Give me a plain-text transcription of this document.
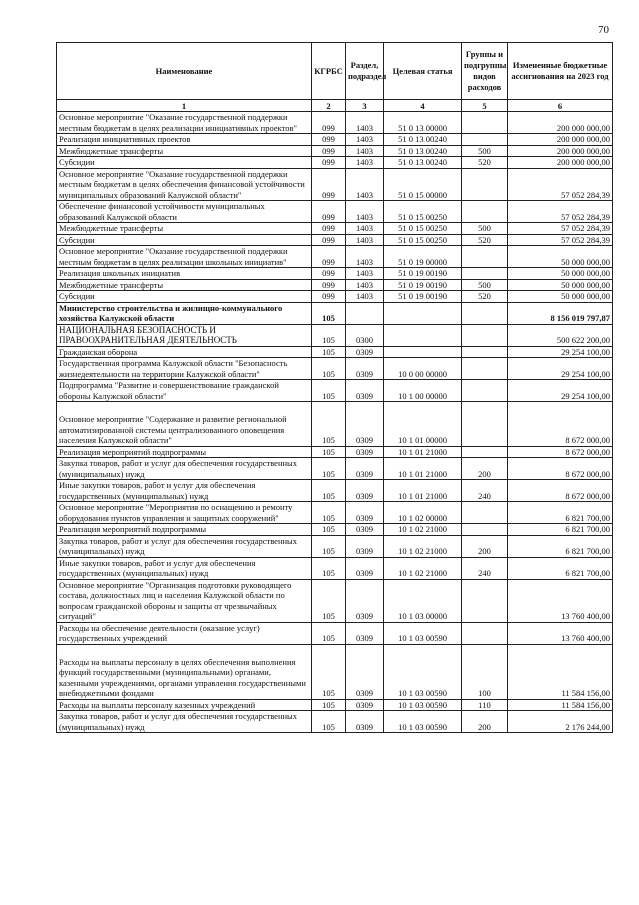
70
Наименование	КГРБС	Раздел, подраздел	Целевая статья	Группы и подгруппы видов расходов	Измененные бюджетные ассигнования на 2023 год
1	2	3	4	5	6
Основное мероприятие "Оказание государственной поддержки местным бюджетам в целях реализации инициативных проектов"	099	1403	51 0 13 00000		200 000 000,00
Реализация инициативных проектов	099	1403	51 0 13 00240		200 000 000,00
Межбюджетные трансферты	099	1403	51 0 13 00240	500	200 000 000,00
Субсидии	099	1403	51 0 13 00240	520	200 000 000,00
Основное мероприятие "Оказание государственной поддержки местным бюджетам в целях обеспечения финансовой устойчивости муниципальных образований Калужской области"	099	1403	51 0 15 00000		57 052 284,39
Обеспечение финансовой устойчивости муниципальных образований Калужской области	099	1403	51 0 15 00250		57 052 284,39
Межбюджетные трансферты	099	1403	51 0 15 00250	500	57 052 284,39
Субсидии	099	1403	51 0 15 00250	520	57 052 284,39
Основное мероприятие "Оказание государственной поддержки местным бюджетам в целях реализации школьных инициатив"	099	1403	51 0 19 00000		50 000 000,00
Реализация школьных инициатив	099	1403	51 0 19 00190		50 000 000,00
Межбюджетные трансферты	099	1403	51 0 19 00190	500	50 000 000,00
Субсидии	099	1403	51 0 19 00190	520	50 000 000,00
Министерство строительства и жилищно-коммунального хозяйства Калужской области	105				8 156 019 797,87
НАЦИОНАЛЬНАЯ БЕЗОПАСНОСТЬ И ПРАВООХРАНИТЕЛЬНАЯ ДЕЯТЕЛЬНОСТЬ	105	0300			500 622 200,00
Гражданская оборона	105	0309			29 254 100,00
Государственная программа Калужской области "Безопасность жизнедеятельности на территории Калужской области"	105	0309	10 0 00 00000		29 254 100,00
Подпрограмма "Развитие и совершенствование гражданской обороны Калужской области"	105	0309	10 1 00 00000		29 254 100,00
Основное мероприятие "Содержание и развитие региональной автоматизированной системы централизованного оповещения населения Калужской области"	105	0309	10 1 01 00000		8 672 000,00
Реализация мероприятий подпрограммы	105	0309	10 1 01 21000		8 672 000,00
Закупка товаров, работ и услуг для обеспечения государственных (муниципальных) нужд	105	0309	10 1 01 21000	200	8 672 000,00
Иные закупки товаров, работ и услуг для обеспечения государственных (муниципальных) нужд	105	0309	10 1 01 21000	240	8 672 000,00
Основное мероприятие "Мероприятия по оснащению и ремонту оборудования пунктов управления и защитных сооружений"	105	0309	10 1 02 00000		6 821 700,00
Реализация мероприятий подпрограммы	105	0309	10 1 02 21000		6 821 700,00
Закупка товаров, работ и услуг для обеспечения государственных (муниципальных) нужд	105	0309	10 1 02 21000	200	6 821 700,00
Иные закупки товаров, работ и услуг для обеспечения государственных (муниципальных) нужд	105	0309	10 1 02 21000	240	6 821 700,00
Основное мероприятие "Организация подготовки руководящего состава, должностных лиц и населения Калужской области по вопросам гражданской обороны и защиты от чрезвычайных ситуаций"	105	0309	10 1 03 00000		13 760 400,00
Расходы на обеспечение деятельности (оказание услуг) государственных учреждений	105	0309	10 1 03 00590		13 760 400,00
Расходы на выплаты персоналу в целях обеспечения выполнения функций государственными (муниципальными) органами, казенными учреждениями, органами управления государственными внебюджетными фондами	105	0309	10 1 03 00590	100	11 584 156,00
Расходы на выплаты персоналу казенных учреждений	105	0309	10 1 03 00590	110	11 584 156,00
Закупка товаров, работ и услуг для обеспечения государственных (муниципальных) нужд	105	0309	10 1 03 00590	200	2 176 244,00
